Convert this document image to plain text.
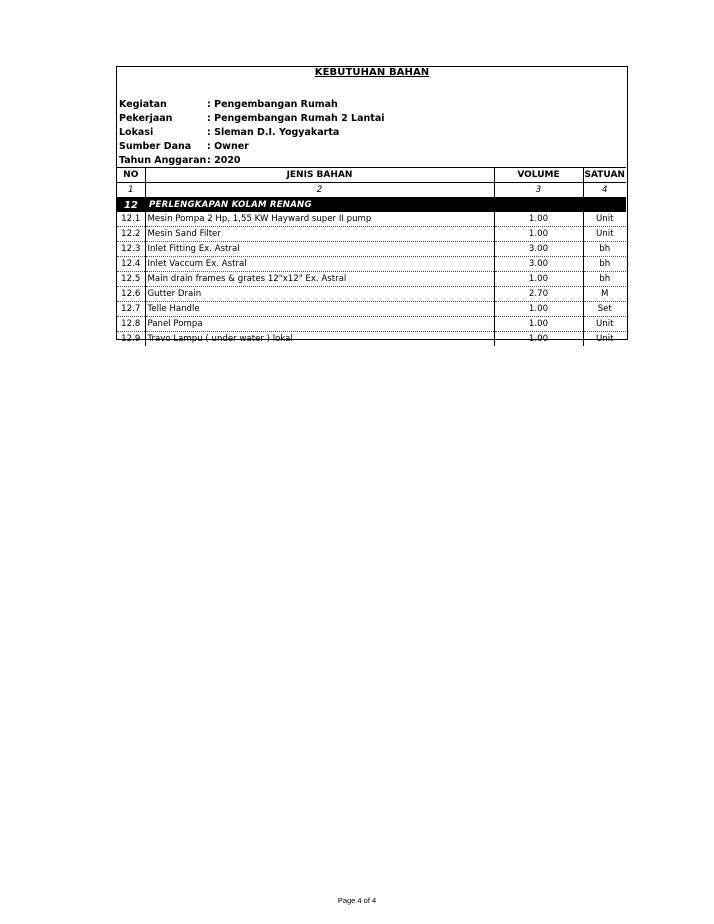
KEBUTUHAN BAHAN
Kegiatan	: Pengembangan Rumah
Pekerjaan	: Pengembangan Rumah 2 Lantai
Lokasi	: Sleman D.I. Yogyakarta
Sumber Dana	: Owner
Tahun Anggaran : 2020
NO	JENIS BAHAN	VOLUME	SATUAN
1	2	3	4
12	PERLENGKAPAN KOLAM RENANG		
12.1	Mesin Pompa 2 Hp, 1,55 KW Hayward super II pump	1.00	Unit
12.2	Mesin Sand Filter	1.00	Unit
12.3	Inlet Fitting Ex. Astral	3.00	bh
12.4	Inlet Vaccum Ex. Astral	3.00	bh
12.5	Main drain frames & grates 12"x12" Ex. Astral	1.00	bh
12.6	Gutter Drain	2.70	M
12.7	Telle Handle	1.00	Set
12.8	Panel Pompa	1.00	Unit
12.9	Travo Lampu ( under water ) lokal	1.00	Unit
Page 4 of 4
